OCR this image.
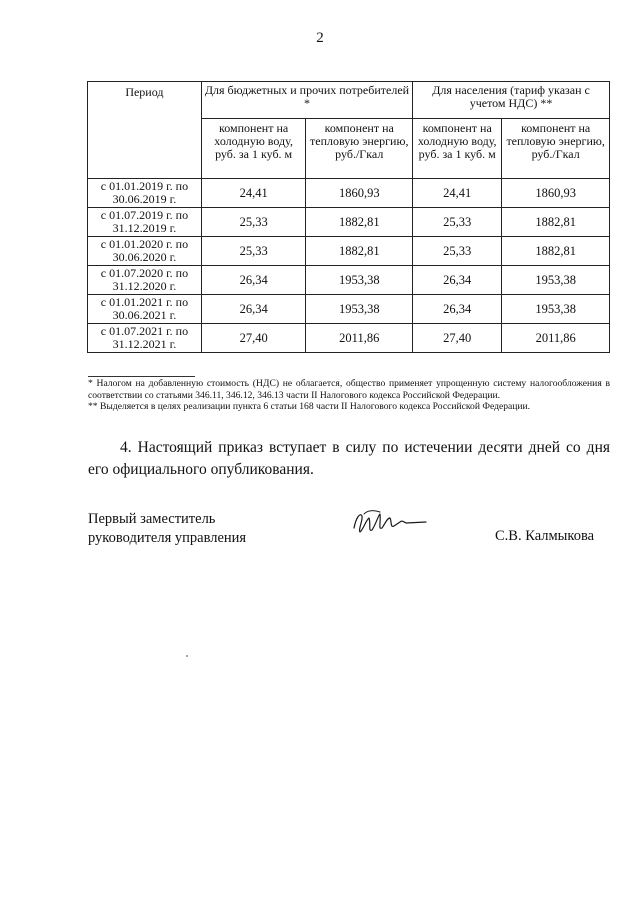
2
Период	Для бюджетных и прочих потребителей *		Для населения (тариф указан с учетом НДС) **	
	компонент на холодную воду, руб. за 1 куб. м	компонент на тепловую энергию, руб./Гкал	компонент на холодную воду, руб. за 1 куб. м	компонент на тепловую энергию, руб./Гкал
с 01.01.2019 г. по 30.06.2019 г.	24,41	1860,93	24,41	1860,93
с 01.07.2019 г. по 31.12.2019 г.	25,33	1882,81	25,33	1882,81
с 01.01.2020 г. по 30.06.2020 г.	25,33	1882,81	25,33	1882,81
с 01.07.2020 г. по 31.12.2020 г.	26,34	1953,38	26,34	1953,38
с 01.01.2021 г. по 30.06.2021 г.	26,34	1953,38	26,34	1953,38
с 01.07.2021 г. по 31.12.2021 г.	27,40	2011,86	27,40	2011,86

* Налогом на добавленную стоимость (НДС) не облагается, общество применяет упрощенную систему налогообложения в соответствии со статьями 346.11, 346.12, 346.13 части II Налогового кодекса Российской Федерации.

** Выделяется в целях реализации пункта 6 статьи 168 части II Налогового кодекса Российской Федерации.

4. Настоящий приказ вступает в силу по истечении десяти дней со дня его официального опубликования.
Первый заместитель
руководителя управления	С.В. Калмыкова
